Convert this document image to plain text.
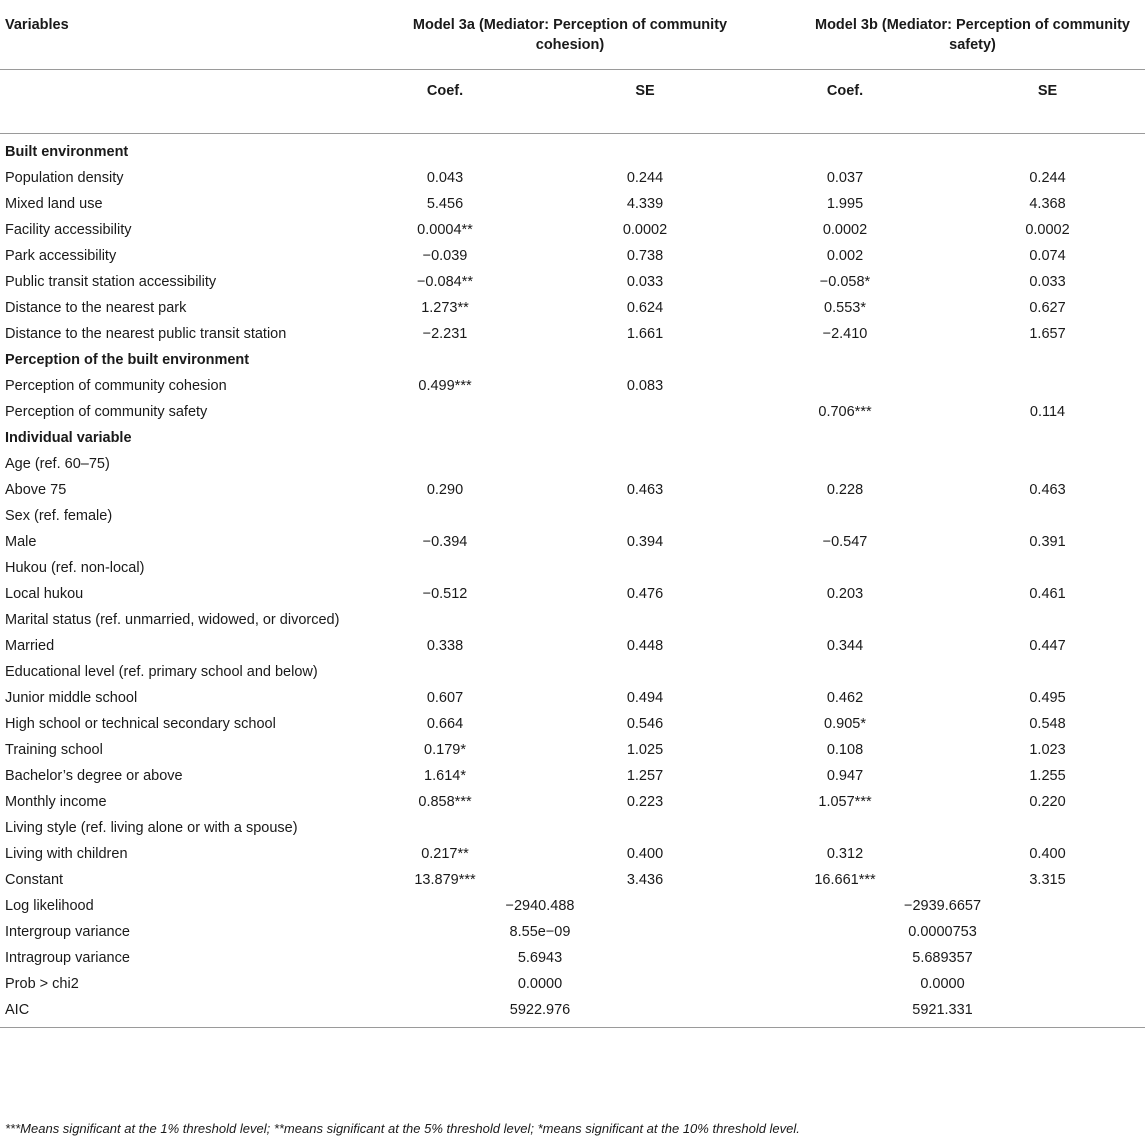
Variables	Model 3a (Mediator: Perception of community cohesion)		Model 3b (Mediator: Perception of community safety)	
	Coef.	SE	Coef.	SE
Built environment				
Population density	0.043	0.244	0.037	0.244
Mixed land use	5.456	4.339	1.995	4.368
Facility accessibility	0.0004**	0.0002	0.0002	0.0002
Park accessibility	−0.039	0.738	0.002	0.074
Public transit station accessibility	−0.084**	0.033	−0.058*	0.033
Distance to the nearest park	1.273**	0.624	0.553*	0.627
Distance to the nearest public transit station	−2.231	1.661	−2.410	1.657
Perception of the built environment				
Perception of community cohesion	0.499***	0.083		
Perception of community safety			0.706***	0.114
Individual variable				
Age (ref. 60–75)				
Above 75	0.290	0.463	0.228	0.463
Sex (ref. female)				
Male	−0.394	0.394	−0.547	0.391
Hukou (ref. non-local)				
Local hukou	−0.512	0.476	0.203	0.461
Marital status (ref. unmarried, widowed, or divorced)				
Married	0.338	0.448	0.344	0.447
Educational level (ref. primary school and below)				
Junior middle school	0.607	0.494	0.462	0.495
High school or technical secondary school	0.664	0.546	0.905*	0.548
Training school	0.179*	1.025	0.108	1.023
Bachelor’s degree or above	1.614*	1.257	0.947	1.255
Monthly income	0.858***	0.223	1.057***	0.220
Living style (ref. living alone or with a spouse)				
Living with children	0.217**	0.400	0.312	0.400
Constant	13.879***	3.436	16.661***	3.315
Log likelihood	−2940.488		−2939.6657	
Intergroup variance	8.55e−09		0.0000753	
Intragroup variance	5.6943		5.689357	
Prob > chi2	0.0000		0.0000	
AIC	5922.976		5921.331	
***Means significant at the 1% threshold level; **means significant at the 5% threshold level; *means significant at the 10% threshold level.
